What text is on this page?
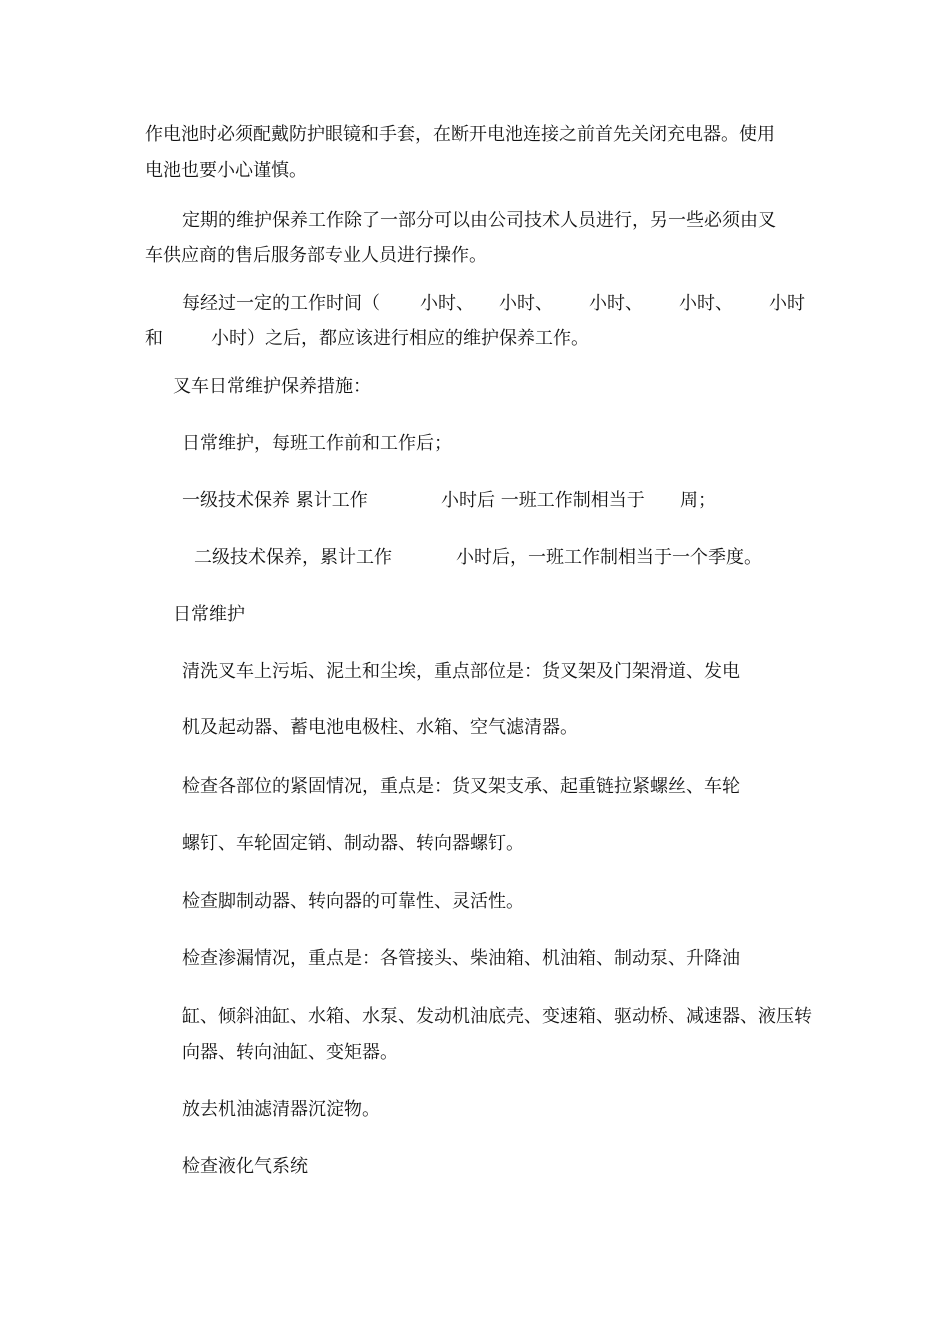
作电池时必须配戴防护眼镜和手套，在断开电池连接之前首先关闭充电器。使用
电池也要小心谨慎。
定期的维护保养工作除了一部分可以由公司技术人员进行，另一些必须由叉
车供应商的售后服务部专业人员进行操作。
每经过一定的工作时间（ 小时、 小时、 小时、 小时、 小时
和	小时）之后，都应该进行相应的维护保养工作。
叉车日常维护保养措施：
日常维护，每班工作前和工作后；
一级技术保养 累计工作	小时后 一班工作制相当于 周；
二级技术保养，累计工作	小时后，一班工作制相当于一个季度。
日常维护
清洗叉车上污垢、泥土和尘埃，重点部位是：货叉架及门架滑道、发电
机及起动器、蓄电池电极柱、水箱、空气滤清器。
检查各部位的紧固情况，重点是：货叉架支承、起重链拉紧螺丝、车轮
螺钉、车轮固定销、制动器、转向器螺钉。
检查脚制动器、转向器的可靠性、灵活性。
检查渗漏情况，重点是：各管接头、柴油箱、机油箱、制动泵、升降油
缸、倾斜油缸、水箱、水泵、发动机油底壳、变速箱、驱动桥、减速器、液压转
向器、转向油缸、变矩器。
放去机油滤清器沉淀物。
检查液化气系统
